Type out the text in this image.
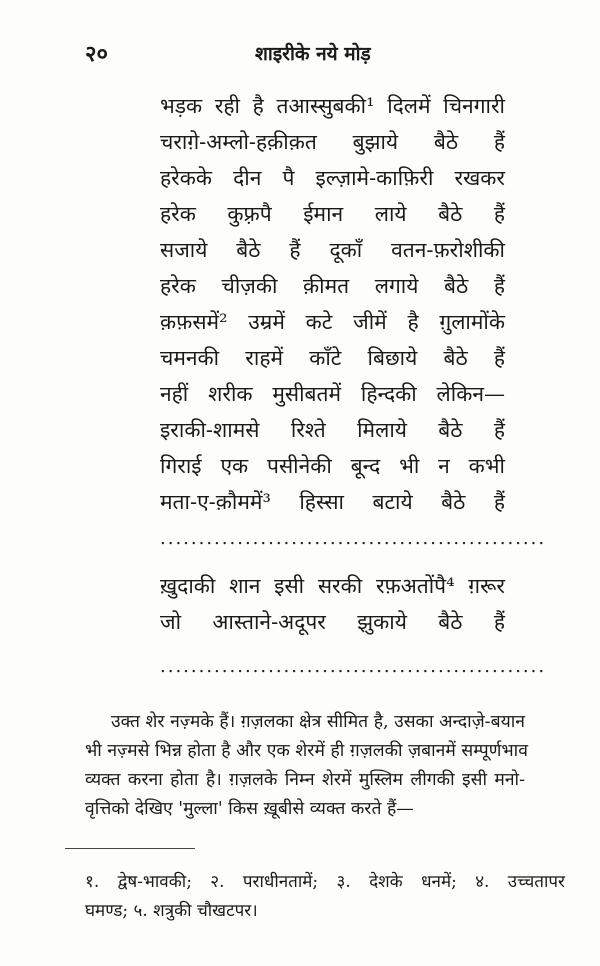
२०	शाइरीके नये मोड़
भड़क रही है तआस्सुबकी¹ दिलमें चिनगारी
चराग़े-अम्लो-हक़ीक़त बुझाये बैठे हैं
हरेकके दीन पै इल्ज़ामे-काफ़िरी रखकर
हरेक कुफ़्रपै ईमान लाये बैठे हैं
सजाये बैठे हैं दूकाँ वतन-फ़रोशीकी
हरेक चीज़की क़ीमत लगाये बैठे हैं
क़फ़समें² उम्रमें कटे जीमें है ग़ुलामोंके
चमनकी राहमें काँटे बिछाये बैठे हैं
नहीं शरीक मुसीबतमें हिन्दकी लेकिन—
इराकी-शामसे रिश्ते मिलाये बैठे हैं
गिराई एक पसीनेकी बून्द भी न कभी
मता-ए-क़ौममें³ हिस्सा बटाये बैठे हैं
..................................................
ख़ुदाकी शान इसी सरकी रफ़अतोंपै⁴ ग़रूर
जो आस्ताने-अदूपर झुकाये बैठे हैं
..................................................
उक्त शेर नज़्मके हैं। ग़ज़लका क्षेत्र सीमित है, उसका अन्दाज़े-बयान
भी नज़्मसे भिन्न होता है और एक शेरमें ही ग़ज़लकी ज़बानमें सम्पूर्णभाव
व्यक्त करना होता है। ग़ज़लके निम्न शेरमें मुस्लिम लीगकी इसी मनो-
वृत्तिको देखिए 'मुल्ला' किस ख़ूबीसे व्यक्त करते हैं—
१. द्वेष-भावकी; २. पराधीनतामें; ३. देशके धनमें; ४. उच्चतापर
घमण्ड; ५. शत्रुकी चौखटपर।
